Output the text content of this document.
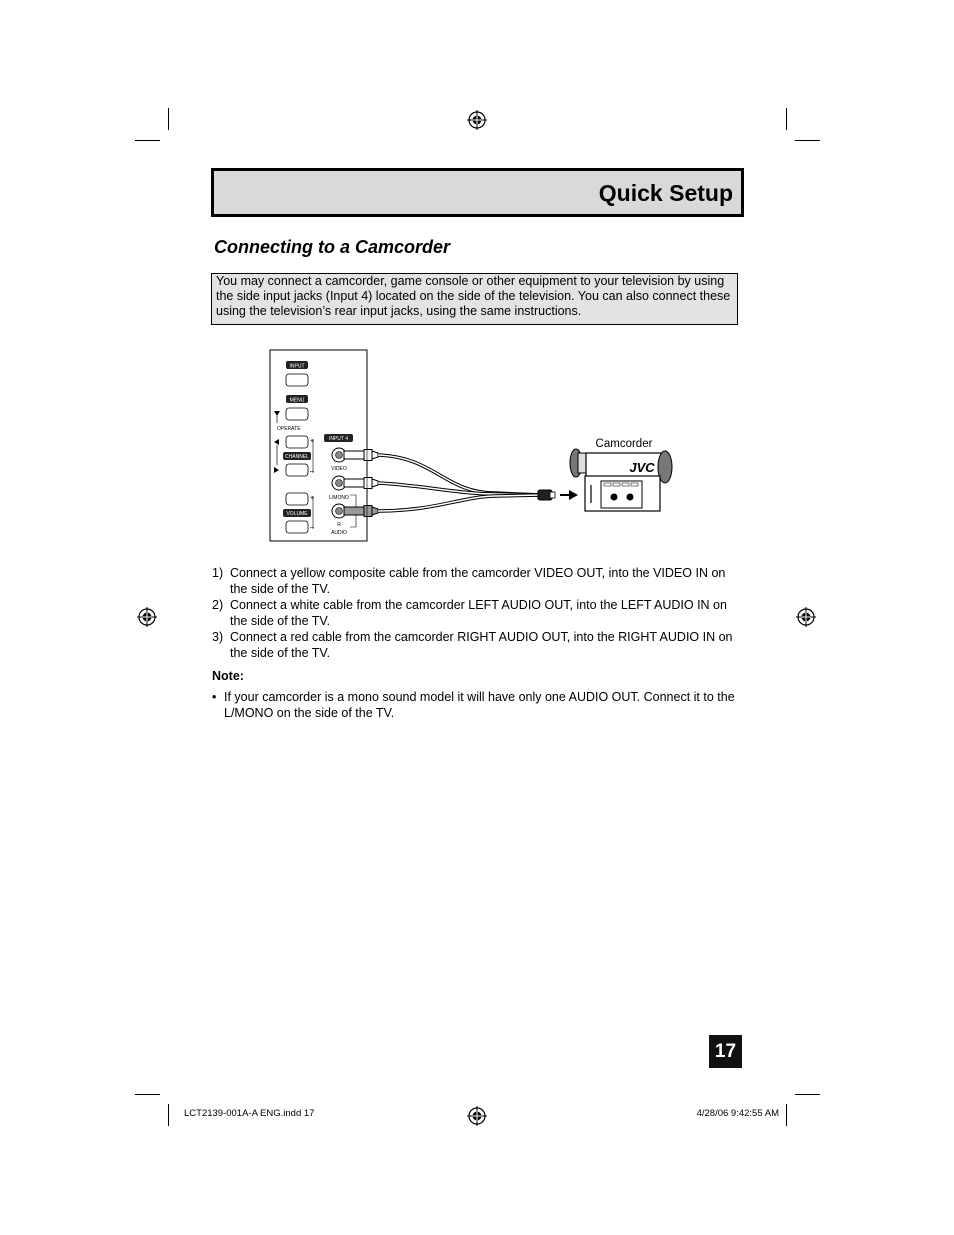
Quick Setup
Connecting to a Camcorder
You may connect a camcorder, game console or other equipment to your television by using the side input jacks (Input 4) located on the side of the television. You can also connect these using the television’s rear input jacks, using the same instructions.
INPUT
MENU
OPERATE
+
CHANNEL
–
+
VOLUME
–
INPUT 4
VIDEO
L/MONO
R
AUDIO
Camcorder
JVC
1) Connect a yellow composite cable from the camcorder VIDEO OUT, into the VIDEO IN on the side of the TV.
2) Connect a white cable from the camcorder LEFT AUDIO OUT, into the LEFT AUDIO IN on the side of the TV.
3) Connect a red cable from the camcorder RIGHT AUDIO OUT, into the RIGHT AUDIO IN on the side of the TV.
Note:
• If your camcorder is a mono sound model it will have only one AUDIO OUT. Connect it to the L/MONO on the side of the TV.
17
LCT2139-001A-A ENG.indd 17	4/28/06 9:42:55 AM
